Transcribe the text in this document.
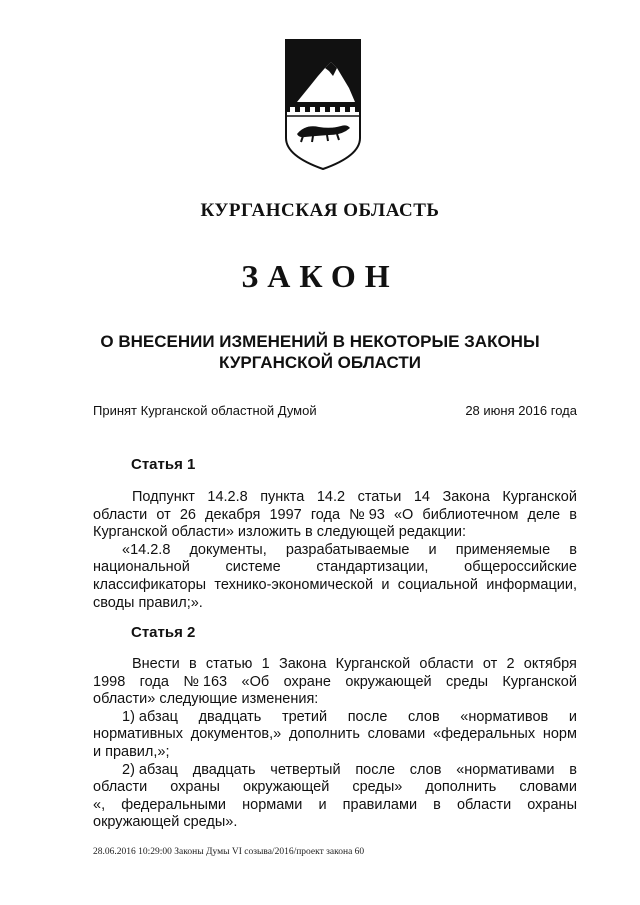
КУРГАНСКАЯ ОБЛАСТЬ
ЗАКОН
О ВНЕСЕНИИ ИЗМЕНЕНИЙ В НЕКОТОРЫЕ ЗАКОНЫ
КУРГАНСКОЙ ОБЛАСТИ
Принят Курганской областной Думой	28 июня 2016 года
Статья 1
Подпункт 14.2.8 пункта 14.2 статьи 14 Закона Курганской
области от 26 декабря 1997 года № 93 «О библиотечном деле в
Курганской области» изложить в следующей редакции:
«14.2.8 документы, разрабатываемые и применяемые в
национальной системе стандартизации, общероссийские
классификаторы технико-экономической и социальной информации,
своды правил;».
Статья 2
Внести в статью 1 Закона Курганской области от 2 октября
1998 года № 163 «Об охране окружающей среды Курганской
области» следующие изменения:
1) абзац двадцать третий после слов «нормативов и
нормативных документов,» дополнить словами «федеральных норм
и правил,»;
2) абзац двадцать четвертый после слов «нормативами в
области охраны окружающей среды» дополнить словами
«, федеральными нормами и правилами в области охраны
окружающей среды».
28.06.2016 10:29:00 Законы Думы VI созыва/2016/проект закона 60
